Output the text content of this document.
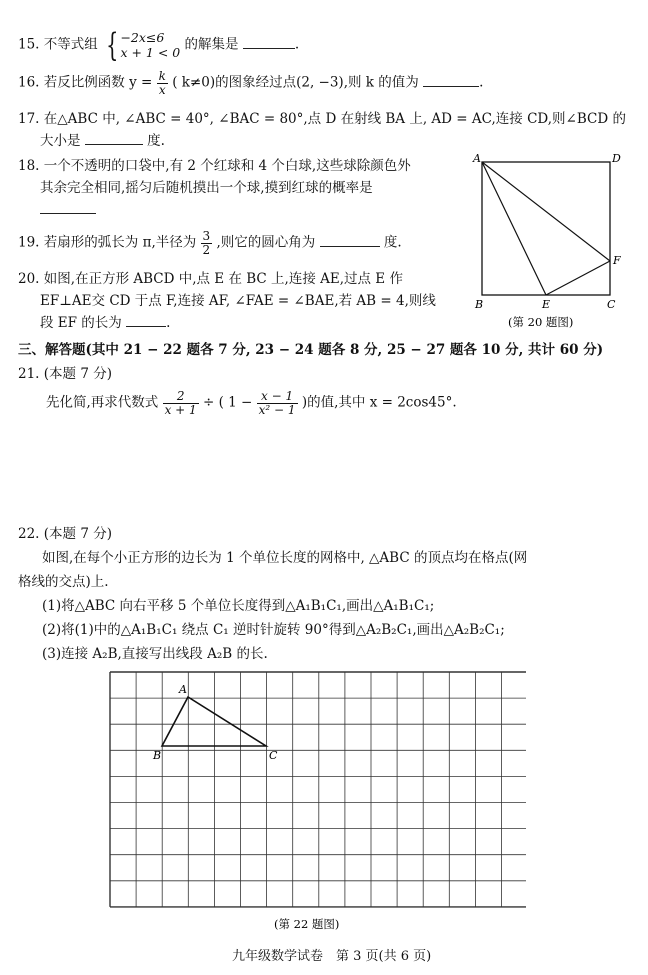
15. 不等式组 { −2x≤6
x + 1 < 0 的解集是	.
16. 若反比例函数 $y = \frac{k}{x}$ ( k≠0)的图象经过点(2, −3),则 k 的值为	.
17. 在△ABC 中, ∠ABC = 40°, ∠BAC = 80°,点 D 在射线 BA 上, AD = AC,连接 CD,则∠BCD 的
大小是	度.
18. 一个不透明的口袋中,有 2 个红球和 4 个白球,这些球除颜色外
其余完全相同,摇匀后随机摸出一个球,摸到红球的概率是

19. 若扇形的弧长为 π,半径为 $\frac{3}{2}$ ,则它的圆心角为	度.
20. 如图,在正方形 ABCD 中,点 E 在 BC 上,连接 AE,过点 E 作
EF⊥AE交 CD 于点 F,连接 AF, ∠FAE = ∠BAE,若 AB = 4,则线
段 EF 的长为	.
A	D
F
B	E	C
(第 20 题图)
三、解答题(其中 21 − 22 题各 7 分, 23 − 24 题各 8 分, 25 − 27 题各 10 分, 共计 60 分)
21. (本题 7 分)
先化简,再求代数式 $\frac{2}{x + 1}$ ÷ ( $1 - \frac{x - 1}{\text{x² − 1}}$ )的值,其中 x = 2cos45°.
22. (本题 7 分)
如图,在每个小正方形的边长为 1 个单位长度的网格中, △ABC 的顶点均在格点(网
格线的交点)上.
(1)将△ABC 向右平移 5 个单位长度得到△A₁B₁C₁,画出△A₁B₁C₁;
(2)将(1)中的△A₁B₁C₁ 绕点 C₁ 逆时针旋转 90°得到△A₂B₂C₁,画出△A₂B₂C₁;
(3)连接 A₂B,直接写出线段 A₂B 的长.
A
B	C
(第 22 题图)
九年级数学试卷　第 3 页(共 6 页)
